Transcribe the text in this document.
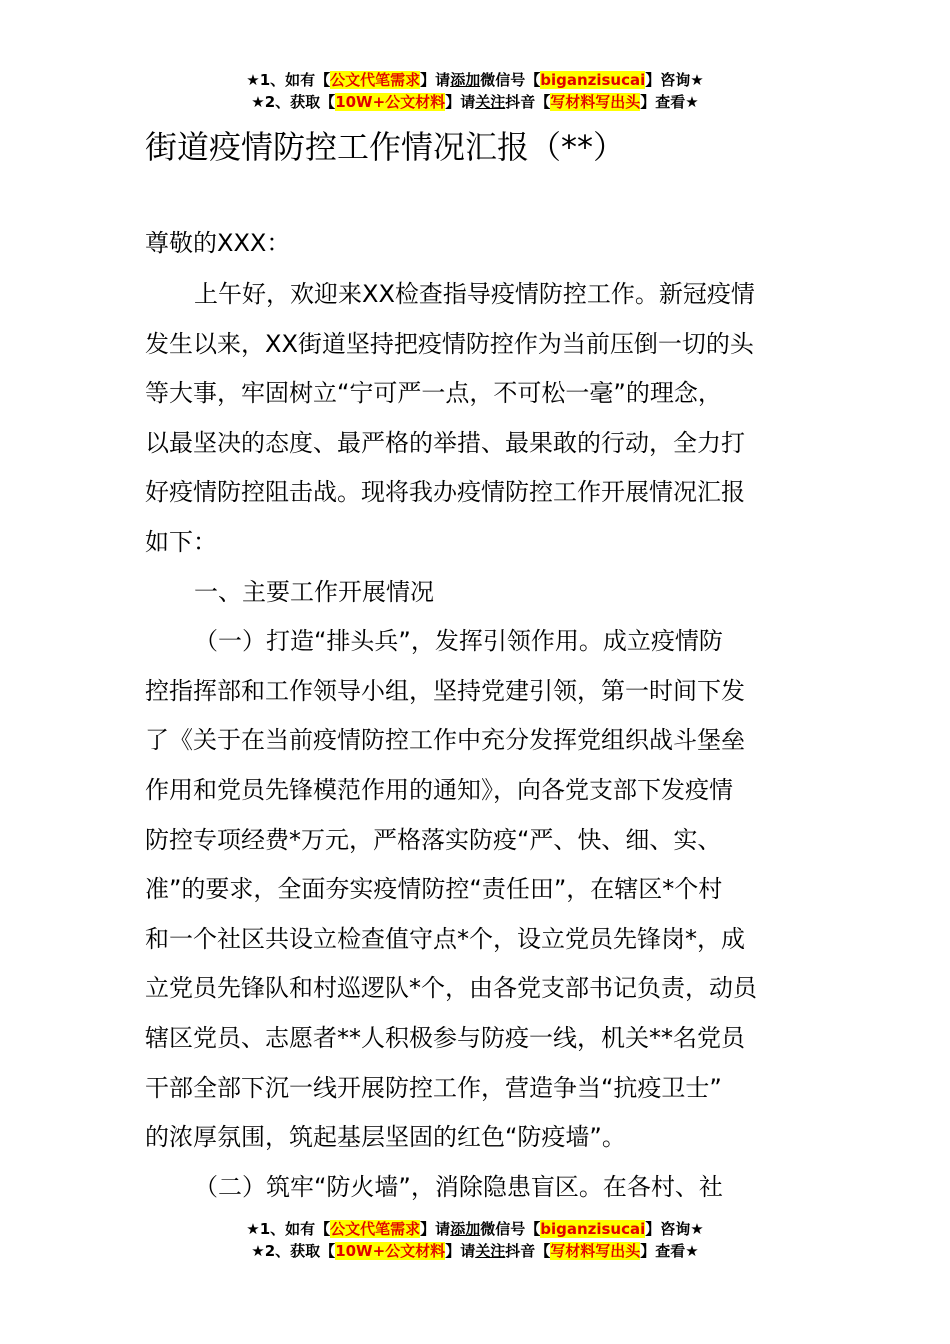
★1、如有【公文代笔需求】请添加微信号【biganzisucai】咨询★
★2、获取【10W+公文材料】请关注抖音【写材料写出头】查看★
街道疫情防控工作情况汇报（**）
尊敬的XXX：
上午好，欢迎来XX检查指导疫情防控工作。新冠疫情
发生以来，XX街道坚持把疫情防控作为当前压倒一切的头
等大事，牢固树立“宁可严一点，不可松一毫”的理念，
以最坚决的态度、最严格的举措、最果敢的行动，全力打
好疫情防控阻击战。现将我办疫情防控工作开展情况汇报
如下：
一、主要工作开展情况
（一）打造“排头兵”，发挥引领作用。成立疫情防
控指挥部和工作领导小组，坚持党建引领，第一时间下发
了《关于在当前疫情防控工作中充分发挥党组织战斗堡垒
作用和党员先锋模范作用的通知》，向各党支部下发疫情
防控专项经费*万元，严格落实防疫“严、快、细、实、
准”的要求，全面夯实疫情防控“责任田”，在辖区*个村
和一个社区共设立检查值守点*个，设立党员先锋岗*，成
立党员先锋队和村巡逻队*个，由各党支部书记负责，动员
辖区党员、志愿者**人积极参与防疫一线，机关**名党员
干部全部下沉一线开展防控工作，营造争当“抗疫卫士”
的浓厚氛围，筑起基层坚固的红色“防疫墙”。
（二）筑牢“防火墙”，消除隐患盲区。在各村、社
★1、如有【公文代笔需求】请添加微信号【biganzisucai】咨询★
★2、获取【10W+公文材料】请关注抖音【写材料写出头】查看★
